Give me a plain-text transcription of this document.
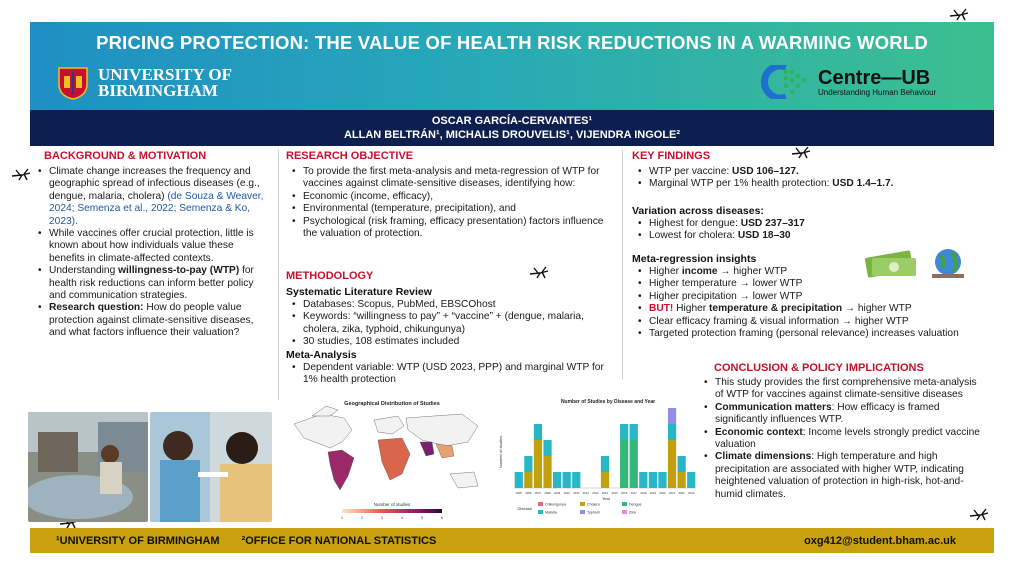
PRICING PROTECTION: THE VALUE OF HEALTH RISK REDUCTIONS IN A WARMING WORLD
UNIVERSITY OF
BIRMINGHAM
Centre—UB
Understanding Human Behaviour
OSCAR GARCÍA-CERVANTES¹
ALLAN BELTRÁN¹, MICHALIS DROUVELIS¹, VIJENDRA INGOLE²
BACKGROUND & MOTIVATION
• Climate change increases the frequency and geographic spread of infectious diseases (e.g., dengue, malaria, cholera) (de Souza & Weaver, 2024; Semenza et al., 2022; Semenza & Ko, 2023).
• While vaccines offer crucial protection, little is known about how individuals value these benefits in climate-affected contexts.
• Understanding willingness-to-pay (WTP) for health risk reductions can inform better policy and communication strategies.
• Research question: How do people value protection against climate-sensitive diseases, and what factors influence their valuation?
RESEARCH OBJECTIVE
• To provide the first meta-analysis and meta-regression of WTP for vaccines against climate-sensitive diseases, identifying how:
• Economic (income, efficacy),
• Environmental (temperature, precipitation), and
• Psychological (risk framing, efficacy presentation) factors influence the valuation of protection.
METHODOLOGY
Systematic Literature Review
• Databases: Scopus, PubMed, EBSCOhost
• Keywords: “willingness to pay” + “vaccine” + (dengue, malaria, cholera, zika, typhoid, chikungunya)
• 30 studies, 108 estimates included
Meta-Analysis
• Dependent variable: WTP (USD 2023, PPP) and marginal WTP for 1% health protection
Geographical Distribution of Studies
Number of studies
1	2	3	4	5	6
Number of Studies by Disease and Year
Number of studies
2005 2006 2007 2008 2009 2010 2011 2012 2013 2014 2015 2016 2017 2018 2019 2020 2021 2022 2023
Year
Disease
Chikungunya	Cholera	Dengue
Malaria	Typhoid	Zika
KEY FINDINGS
• WTP per vaccine: USD 106–127.
• Marginal WTP per 1% health protection: USD 1.4–1.7.
Variation across diseases:
• Highest for dengue: USD 237–317
• Lowest for cholera: USD 18–30
Meta-regression insights
• Higher income → higher WTP
• Higher temperature → lower WTP
• Higher precipitation → lower WTP
• BUT! Higher temperature & precipitation → higher WTP
• Clear efficacy framing & visual information → higher WTP
• Targeted protection framing (personal relevance) increases valuation
CONCLUSION & POLICY IMPLICATIONS
• This study provides the first comprehensive meta-analysis of WTP for vaccines against climate-sensitive diseases
• Communication matters: How efficacy is framed significantly influences WTP.
• Economic context: Income levels strongly predict vaccine valuation
• Climate dimensions: High temperature and high precipitation are associated with higher WTP, indicating heightened valuation of protection in high-risk, hot-and-humid climates.
¹UNIVERSITY OF BIRMINGHAM ²OFFICE FOR NATIONAL STATISTICS	oxg412@student.bham.ac.uk
